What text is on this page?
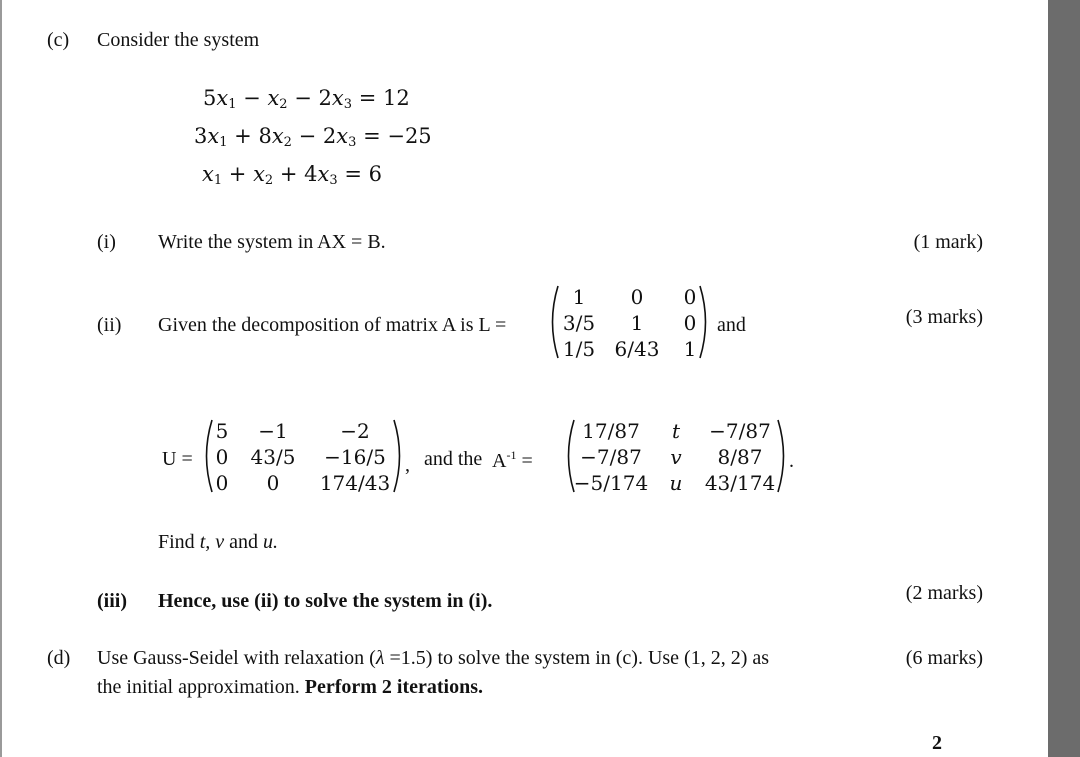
(c) Consider the system
$5x_1 - x_2 - 2x_3 = 12$
$3x_1 + 8x_2 - 2x_3 = -25$
$x_1 + x_2 + 4x_3 = 6$
(i) Write the system in AX = B.	(1 mark)
(ii) Given the decomposition of matrix A is L =
1	0	0
3/5	1	0
1/5 6/43 1
and	(3 marks)
U =
5	−1	−2
0 43/5	−16/5
0	0	174/43
, and the $A^{-1}$ =
17/87	t	−7/87
−7/87	v	8/87
−5/174 u 43/174
.
Find t, v and u.
(iii) Hence, use (ii) to solve the system in (i).	(2 marks)
(d) Use Gauss-Seidel with relaxation (λ =1.5) to solve the system in (c). Use (1, 2, 2) as	(6 marks)
the initial approximation. Perform 2 iterations.
2
